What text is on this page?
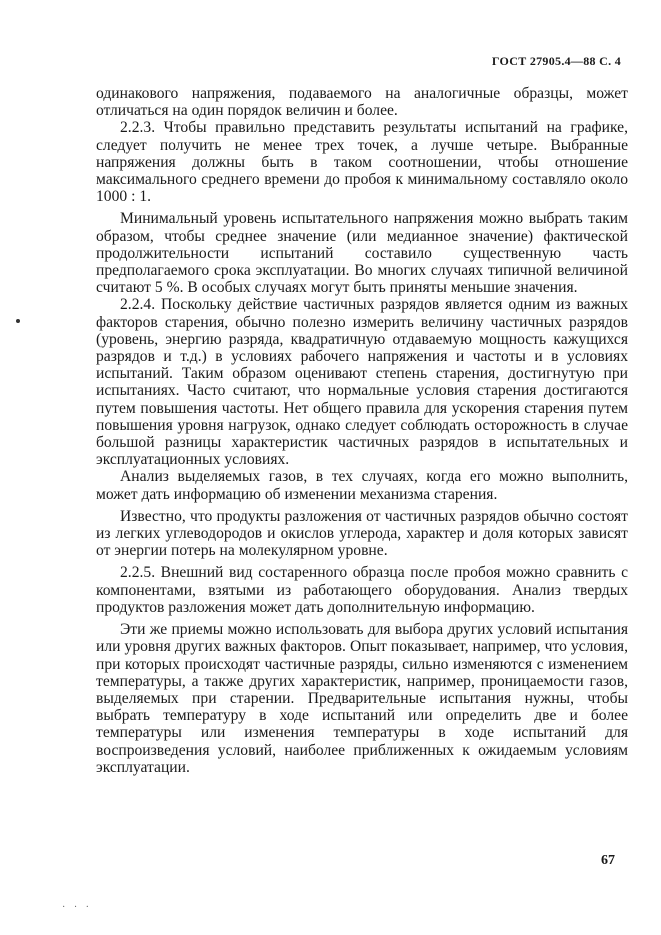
ГОСТ 27905.4—88 С. 4

одинакового напряжения, подаваемого на аналогичные образцы, может отличаться на один порядок величин и более.

2.2.3. Чтобы правильно представить результаты испытаний на графике, следует получить не менее трех точек, а лучше четыре. Выбранные напряжения должны быть в таком соотношении, чтобы отношение максимального среднего времени до пробоя к минимальному составляло около 1000 : 1.

Минимальный уровень испытательного напряжения можно выбрать таким образом, чтобы среднее значение (или медианное значение) фактической продолжительности испытаний составило существенную часть предполагаемого срока эксплуатации. Во многих случаях типичной величиной считают 5 %. В особых случаях могут быть приняты меньшие значения.

2.2.4. Поскольку действие частичных разрядов является одним из важных факторов старения, обычно полезно измерить величину частичных разрядов (уровень, энергию разряда, квадратичную отдаваемую мощность кажущихся разрядов и т.д.) в условиях рабочего напряжения и частоты и в условиях испытаний. Таким образом оценивают степень старения, достигнутую при испытаниях. Часто считают, что нормальные условия старения достигаются путем повышения частоты. Нет общего правила для ускорения старения путем повышения уровня нагрузок, однако следует соблюдать осторожность в случае большой разницы характеристик частичных разрядов в испытательных и эксплуатационных условиях.

Анализ выделяемых газов, в тех случаях, когда его можно выполнить, может дать информацию об изменении механизма старения.

Известно, что продукты разложения от частичных разрядов обычно состоят из легких углеводородов и окислов углерода, характер и доля которых зависят от энергии потерь на молекулярном уровне.

2.2.5. Внешний вид состаренного образца после пробоя можно сравнить с компонентами, взятыми из работающего оборудования. Анализ твердых продуктов разложения может дать дополнительную информацию.

Эти же приемы можно использовать для выбора других условий испытания или уровня других важных факторов. Опыт показывает, например, что условия, при которых происходят частичные разряды, сильно изменяются с изменением температуры, а также других характеристик, например, проницаемости газов, выделяемых при старении. Предварительные испытания нужны, чтобы выбрать температуру в ходе испытаний или определить две и более температуры или изменения температуры в ходе испытаний для воспроизведения условий, наиболее приближенных к ожидаемым условиям эксплуатации.

67
· · ·
